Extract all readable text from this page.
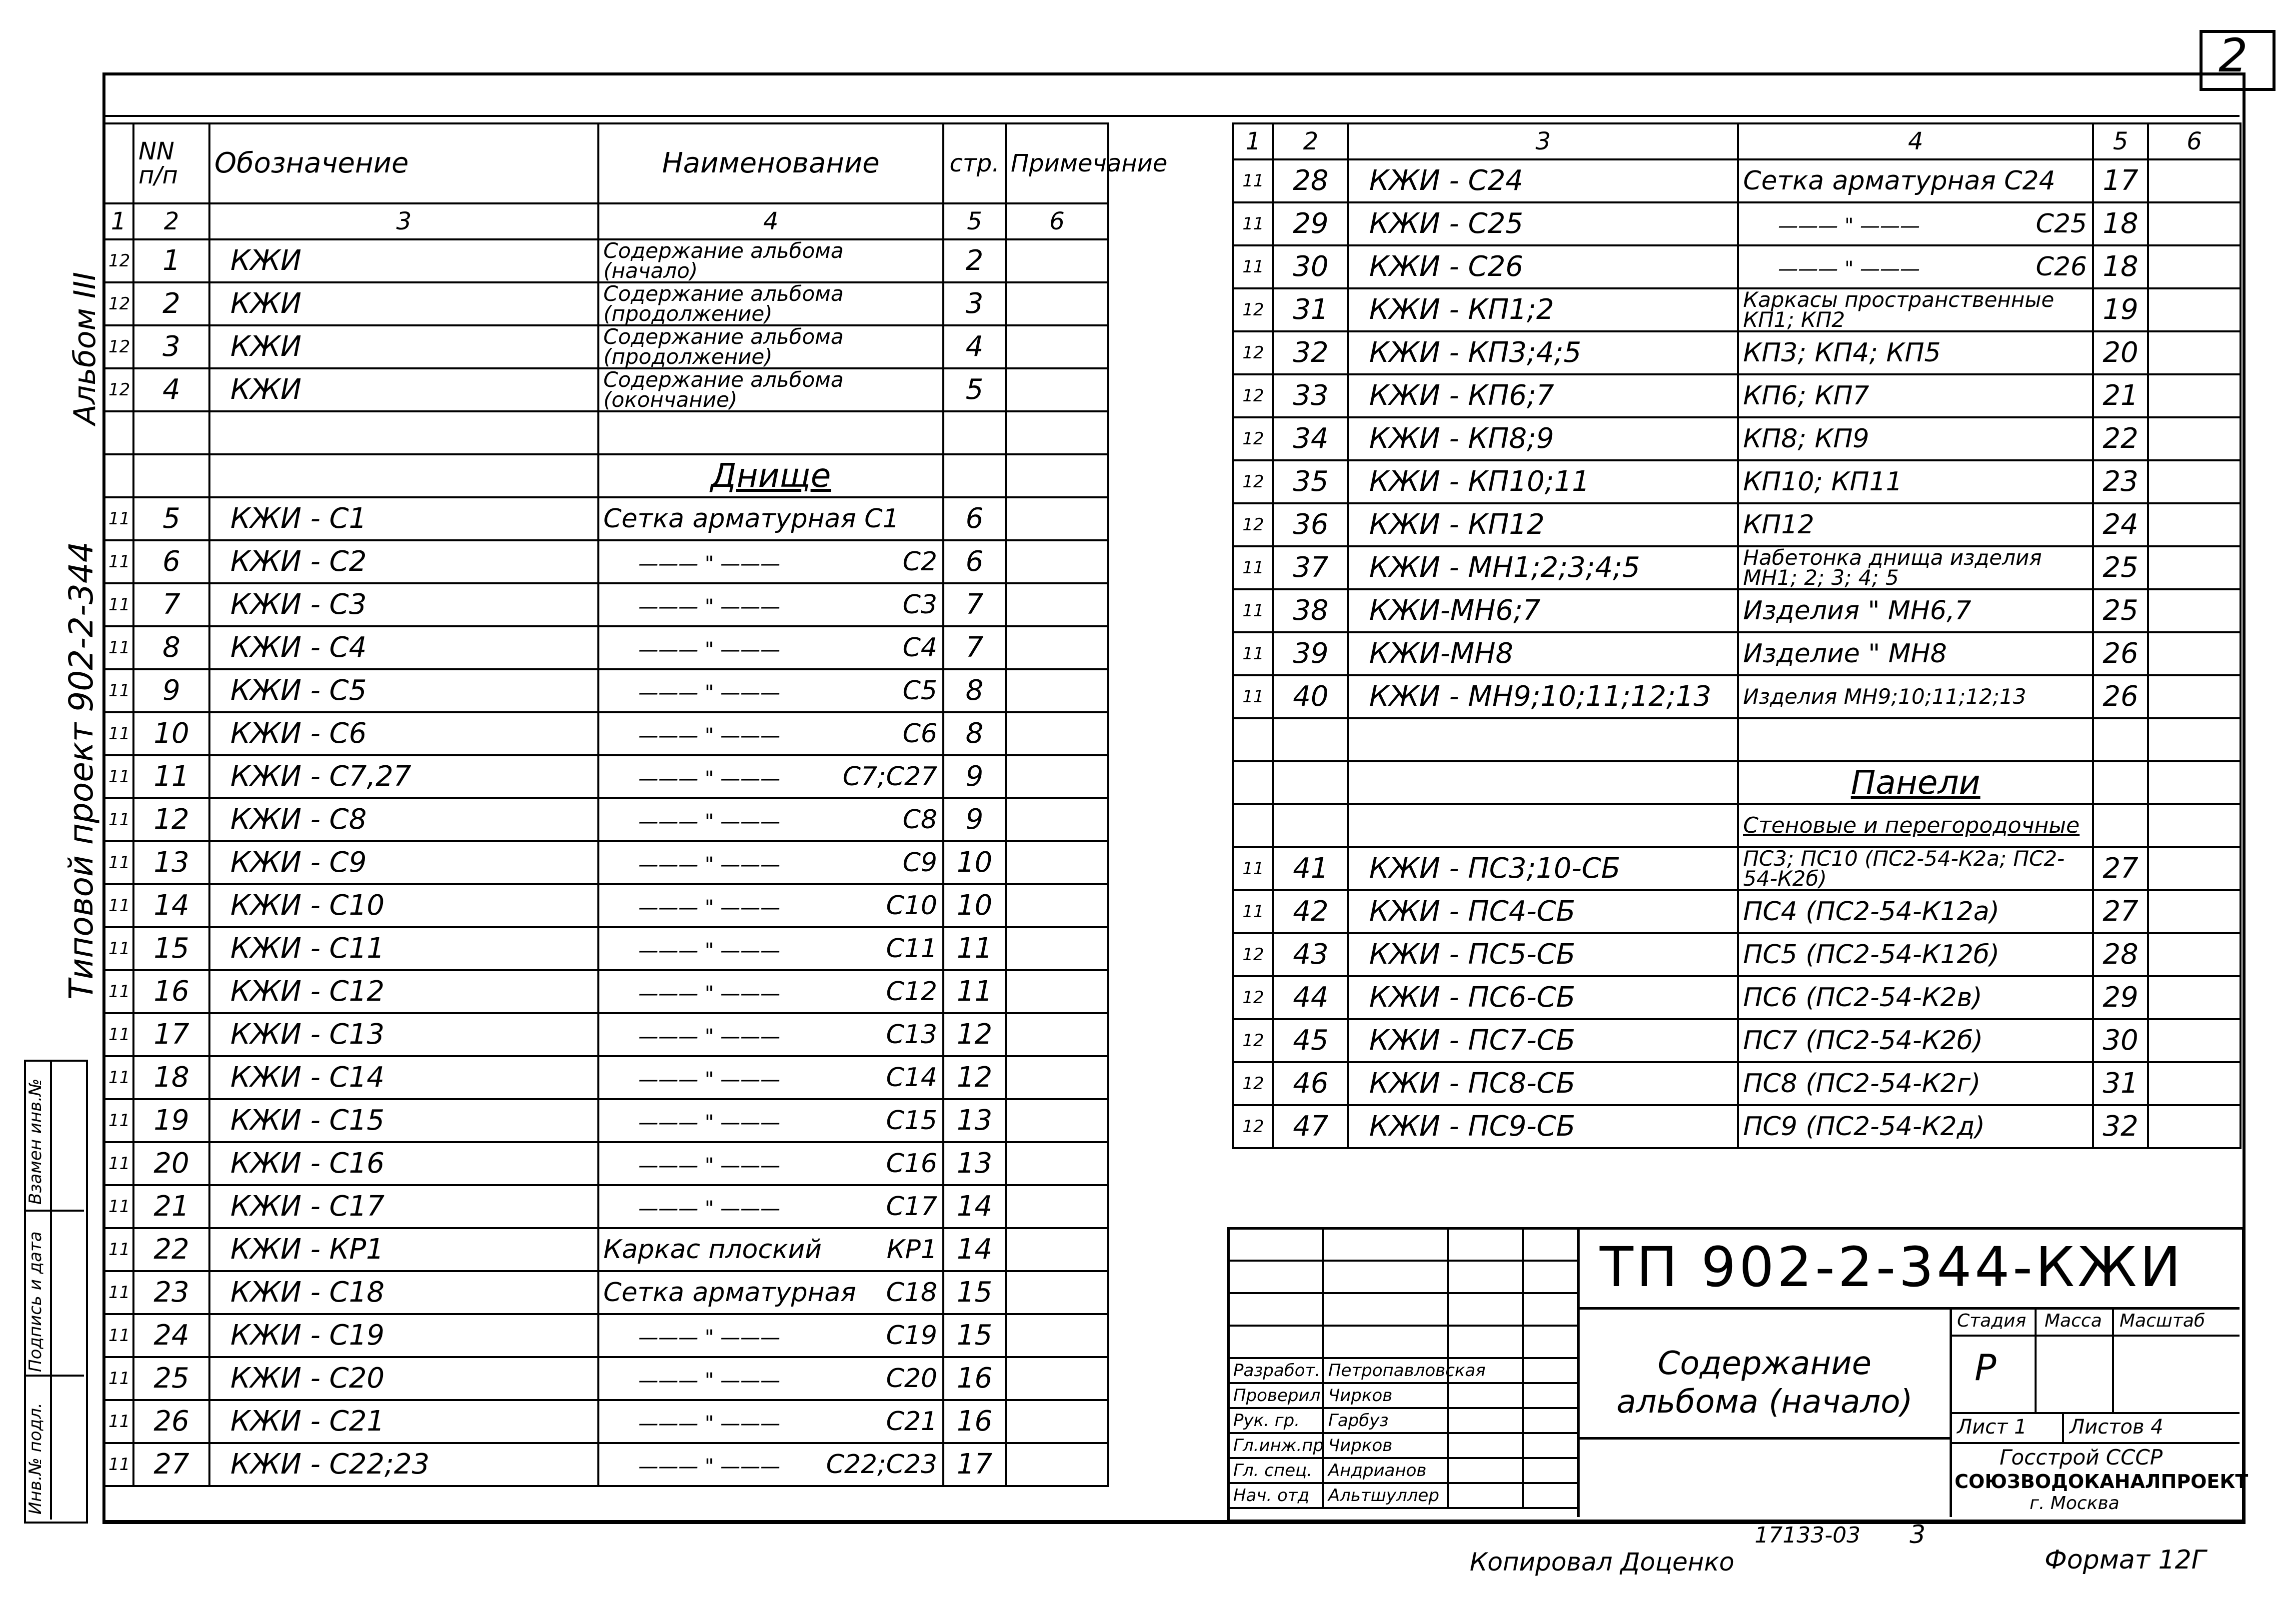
2
Альбом III
Типовой проект 902-2-344
Инв.№ подл.
Подпись и дата
Взамен инв.№
	NN п/п	Обозначение	Наименование	стр.	Примечание
1	2	3	4	5	6
12	1	КЖИ	Содержание альбома (начало)	2	
12	2	КЖИ	Содержание альбома (продолжение)	3	
12	3	КЖИ	Содержание альбома (продолжение)	4	
12	4	КЖИ	Содержание альбома (окончание)	5	

			Днище		
11	5	КЖИ - С1	Сетка арматурная С1	6	
11	6	КЖИ - С2	——— " ——— С2	6	
11	7	КЖИ - С3	——— " ——— С3	7	
11	8	КЖИ - С4	——— " ——— С4	7	
11	9	КЖИ - С5	——— " ——— С5	8	
11	10	КЖИ - С6	——— " ——— С6	8	
11	11	КЖИ - С7,27	——— " ——— С7;С27	9	
11	12	КЖИ - С8	——— " ——— С8	9	
11	13	КЖИ - С9	——— " ——— С9	10	
11	14	КЖИ - С10	——— " ——— С10	10	
11	15	КЖИ - С11	——— " ——— С11	11	
11	16	КЖИ - С12	——— " ——— С12	11	
11	17	КЖИ - С13	——— " ——— С13	12	
11	18	КЖИ - С14	——— " ——— С14	12	
11	19	КЖИ - С15	——— " ——— С15	13	
11	20	КЖИ - С16	——— " ——— С16	13	
11	21	КЖИ - С17	——— " ——— С17	14	
11	22	КЖИ - КР1	Каркас плоский КР1	14	
11	23	КЖИ - С18	Сетка арматурная С18	15	
11	24	КЖИ - С19	——— " ——— С19	15	
11	25	КЖИ - С20	——— " ——— С20	16	
11	26	КЖИ - С21	——— " ——— С21	16	
11	27	КЖИ - С22;23	——— " ——— С22;С23	17	
1	2	3	4	5	6
11	28	КЖИ - С24	Сетка арматурная С24	17	
11	29	КЖИ - С25	——— " ——— С25	18	
11	30	КЖИ - С26	——— " ——— С26	18	
12	31	КЖИ - КП1;2	Каркасы пространственные КП1; КП2	19	
12	32	КЖИ - КП3;4;5	КП3; КП4; КП5	20	
12	33	КЖИ - КП6;7	КП6; КП7	21	
12	34	КЖИ - КП8;9	КП8; КП9	22	
12	35	КЖИ - КП10;11	КП10; КП11	23	
12	36	КЖИ - КП12	КП12	24	
11	37	КЖИ - МН1;2;3;4;5	Набетонка днища изделия МН1; 2; 3; 4; 5	25	
11	38	КЖИ-МН6;7	Изделия " МН6,7	25	
11	39	КЖИ-МН8	Изделие " МН8	26	
11	40	КЖИ - МН9;10;11;12;13	Изделия МН9;10;11;12;13	26	

			Панели		
			Стеновые и перегородочные		
11	41	КЖИ - ПС3;10-СБ	ПС3; ПС10 (ПС2-54-К2а; ПС2-54-К2б)	27	
11	42	КЖИ - ПС4-СБ	ПС4 (ПС2-54-К12а)	27	
12	43	КЖИ - ПС5-СБ	ПС5 (ПС2-54-К12б)	28	
12	44	КЖИ - ПС6-СБ	ПС6 (ПС2-54-К2в)	29	
12	45	КЖИ - ПС7-СБ	ПС7 (ПС2-54-К2б)	30	
12	46	КЖИ - ПС8-СБ	ПС8 (ПС2-54-К2г)	31	
12	47	КЖИ - ПС9-СБ	ПС9 (ПС2-54-К2д)	32	

Разработ.	Петропавловская		
Проверил	Чирков		
Рук. гр.	Гарбуз		
Гл.инж.пр	Чирков		
Гл. спец.	Андрианов		
Нач. отд	Альтшуллер		
ТП 902-2-344-КЖИ
Содержание альбома (начало)
Стадия Масса Масштаб
Р
Лист 1 Листов 4
Госстрой СССР
СОЮЗВОДОКАНАЛПРОЕКТ
г. Москва
Копировал Доценко
17133-03 3
Формат 12Г
